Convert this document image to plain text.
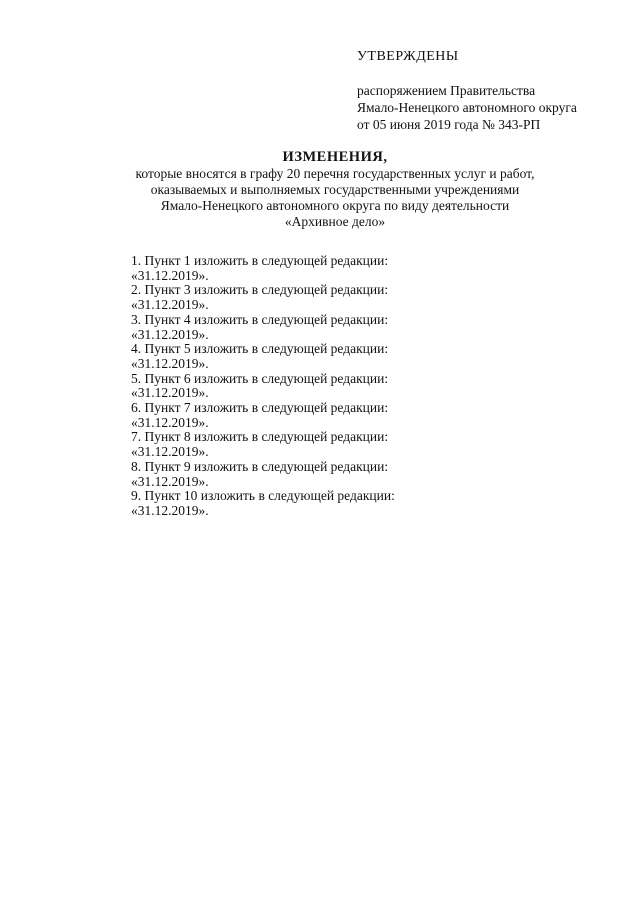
УТВЕРЖДЕНЫ
распоряжением Правительства
Ямало-Ненецкого автономного округа
от 05 июня 2019 года № 343-РП
ИЗМЕНЕНИЯ,
которые вносятся в графу 20 перечня государственных услуг и работ,
оказываемых и выполняемых государственными учреждениями
Ямало-Ненецкого автономного округа по виду деятельности
«Архивное дело»
1. Пункт 1 изложить в следующей редакции:
«31.12.2019».
2. Пункт 3 изложить в следующей редакции:
«31.12.2019».
3. Пункт 4 изложить в следующей редакции:
«31.12.2019».
4. Пункт 5 изложить в следующей редакции:
«31.12.2019».
5. Пункт 6 изложить в следующей редакции:
«31.12.2019».
6. Пункт 7 изложить в следующей редакции:
«31.12.2019».
7. Пункт 8 изложить в следующей редакции:
«31.12.2019».
8. Пункт 9 изложить в следующей редакции:
«31.12.2019».
9. Пункт 10 изложить в следующей редакции:
«31.12.2019».
